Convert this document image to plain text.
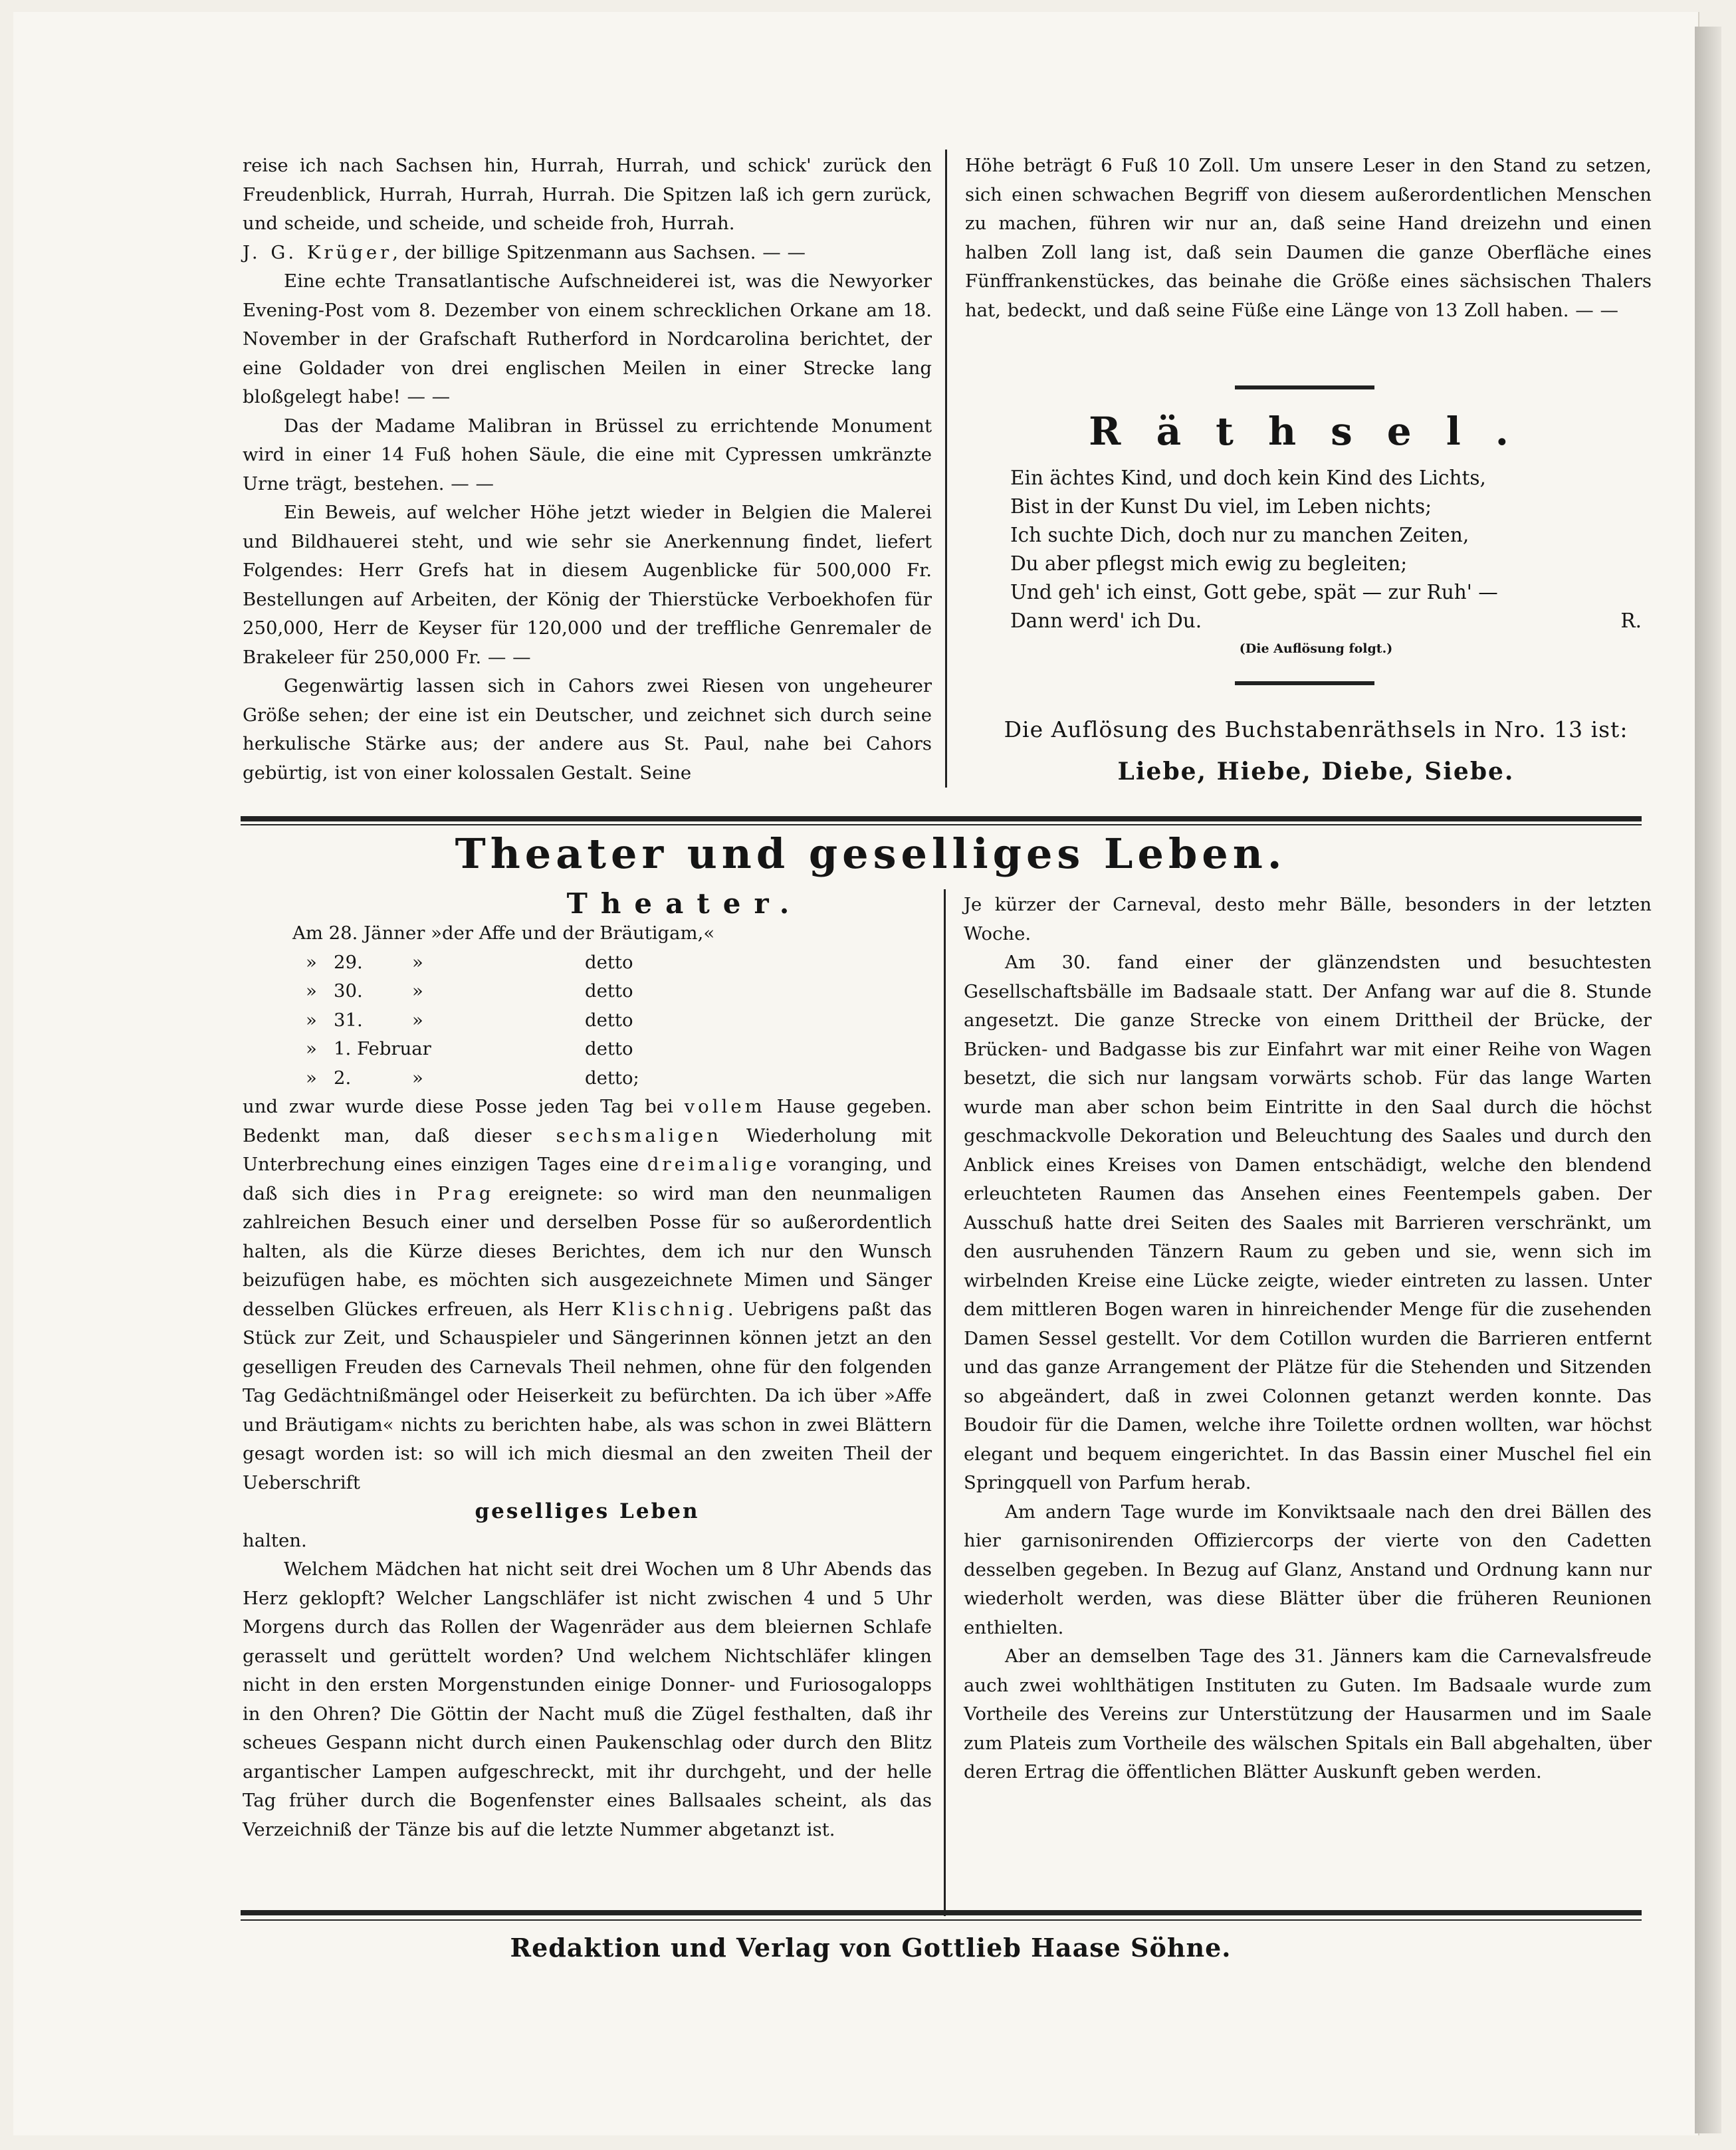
reise ich nach Sachsen hin, Hurrah, Hurrah, und schick' zurück den Freudenblick, Hurrah, Hurrah, Hurrah. Die Spitzen laß ich gern zurück, und scheide, und scheide, und scheide froh, Hurrah.

J. G. Krüger, der billige Spitzenmann aus Sachsen. — —

Eine echte Transatlantische Aufschneiderei ist, was die Newyorker Evening-Post vom 8. Dezember von einem schrecklichen Orkane am 18. November in der Grafschaft Rutherford in Nordcarolina berichtet, der eine Goldader von drei englischen Meilen in einer Strecke lang bloßgelegt habe! — —

Das der Madame Malibran in Brüssel zu errichtende Monument wird in einer 14 Fuß hohen Säule, die eine mit Cypressen umkränzte Urne trägt, bestehen. — —

Ein Beweis, auf welcher Höhe jetzt wieder in Belgien die Malerei und Bildhauerei steht, und wie sehr sie Anerkennung findet, liefert Folgendes: Herr Grefs hat in diesem Augenblicke für 500,000 Fr. Bestellungen auf Arbeiten, der König der Thierstücke Verboekhofen für 250,000, Herr de Keyser für 120,000 und der treffliche Genremaler de Brakeleer für 250,000 Fr. — —

Gegenwärtig lassen sich in Cahors zwei Riesen von ungeheurer Größe sehen; der eine ist ein Deutscher, und zeichnet sich durch seine herkulische Stärke aus; der andere aus St. Paul, nahe bei Cahors gebürtig, ist von einer kolossalen Gestalt. Seine

Höhe beträgt 6 Fuß 10 Zoll. Um unsere Leser in den Stand zu setzen, sich einen schwachen Begriff von diesem außerordentlichen Menschen zu machen, führen wir nur an, daß seine Hand dreizehn und einen halben Zoll lang ist, daß sein Daumen die ganze Oberfläche eines Fünffrankenstückes, das beinahe die Größe eines sächsischen Thalers hat, bedeckt, und daß seine Füße eine Länge von 13 Zoll haben. — —

Räthsel.
Ein ächtes Kind, und doch kein Kind des Lichts,
Bist in der Kunst Du viel, im Leben nichts;
Ich suchte Dich, doch nur zu manchen Zeiten,
Du aber pflegst mich ewig zu begleiten;
Und geh' ich einst, Gott gebe, spät — zur Ruh' —
Dann werd' ich Du.	R.
(Die Auflösung folgt.)
Die Auflösung des Buchstabenräthsels in Nro. 13 ist:
Liebe, Hiebe, Diebe, Siebe.
Theater und geselliges Leben.
Theater.
Am 28. Jänner »der Affe und der Bräutigam,«
» 29.	»	detto
» 30.	»	detto
» 31.	»	detto
» 1. Februar	detto
» 2.	»	detto;

und zwar wurde diese Posse jeden Tag bei vollem Hause gegeben. Bedenkt man, daß dieser sechsmaligen Wiederholung mit Unterbrechung eines einzigen Tages eine dreimalige voranging, und daß sich dies in Prag ereignete: so wird man den neunmaligen zahlreichen Besuch einer und derselben Posse für so außerordentlich halten, als die Kürze dieses Berichtes, dem ich nur den Wunsch beizufügen habe, es möchten sich ausgezeichnete Mimen und Sänger desselben Glückes erfreuen, als Herr Klischnig. Uebrigens paßt das Stück zur Zeit, und Schauspieler und Sängerinnen können jetzt an den geselligen Freuden des Carnevals Theil nehmen, ohne für den folgenden Tag Gedächtnißmängel oder Heiserkeit zu befürchten. Da ich über »Affe und Bräutigam« nichts zu berichten habe, als was schon in zwei Blättern gesagt worden ist: so will ich mich diesmal an den zweiten Theil der Ueberschrift

geselliges Leben

halten.

Welchem Mädchen hat nicht seit drei Wochen um 8 Uhr Abends das Herz geklopft? Welcher Langschläfer ist nicht zwischen 4 und 5 Uhr Morgens durch das Rollen der Wagenräder aus dem bleiernen Schlafe gerasselt und gerüttelt worden? Und welchem Nichtschläfer klingen nicht in den ersten Morgenstunden einige Donner- und Furiosogalopps in den Ohren? Die Göttin der Nacht muß die Zügel festhalten, daß ihr scheues Gespann nicht durch einen Paukenschlag oder durch den Blitz argantischer Lampen aufgeschreckt, mit ihr durchgeht, und der helle Tag früher durch die Bogenfenster eines Ballsaales scheint, als das Verzeichniß der Tänze bis auf die letzte Nummer abgetanzt ist.

Je kürzer der Carneval, desto mehr Bälle, besonders in der letzten Woche.

Am 30. fand einer der glänzendsten und besuchtesten Gesellschaftsbälle im Badsaale statt. Der Anfang war auf die 8. Stunde angesetzt. Die ganze Strecke von einem Drittheil der Brücke, der Brücken- und Badgasse bis zur Einfahrt war mit einer Reihe von Wagen besetzt, die sich nur langsam vorwärts schob. Für das lange Warten wurde man aber schon beim Eintritte in den Saal durch die höchst geschmackvolle Dekoration und Beleuchtung des Saales und durch den Anblick eines Kreises von Damen entschädigt, welche den blendend erleuchteten Raumen das Ansehen eines Feentempels gaben. Der Ausschuß hatte drei Seiten des Saales mit Barrieren verschränkt, um den ausruhenden Tänzern Raum zu geben und sie, wenn sich im wirbelnden Kreise eine Lücke zeigte, wieder eintreten zu lassen. Unter dem mittleren Bogen waren in hinreichender Menge für die zusehenden Damen Sessel gestellt. Vor dem Cotillon wurden die Barrieren entfernt und das ganze Arrangement der Plätze für die Stehenden und Sitzenden so abgeändert, daß in zwei Colonnen getanzt werden konnte. Das Boudoir für die Damen, welche ihre Toilette ordnen wollten, war höchst elegant und bequem eingerichtet. In das Bassin einer Muschel fiel ein Springquell von Parfum herab.

Am andern Tage wurde im Konviktsaale nach den drei Bällen des hier garnisonirenden Offiziercorps der vierte von den Cadetten desselben gegeben. In Bezug auf Glanz, Anstand und Ordnung kann nur wiederholt werden, was diese Blätter über die früheren Reunionen enthielten.

Aber an demselben Tage des 31. Jänners kam die Carnevalsfreude auch zwei wohlthätigen Instituten zu Guten. Im Badsaale wurde zum Vortheile des Vereins zur Unterstützung der Hausarmen und im Saale zum Plateis zum Vortheile des wälschen Spitals ein Ball abgehalten, über deren Ertrag die öffentlichen Blätter Auskunft geben werden.

Redaktion und Verlag von Gottlieb Haase Söhne.
